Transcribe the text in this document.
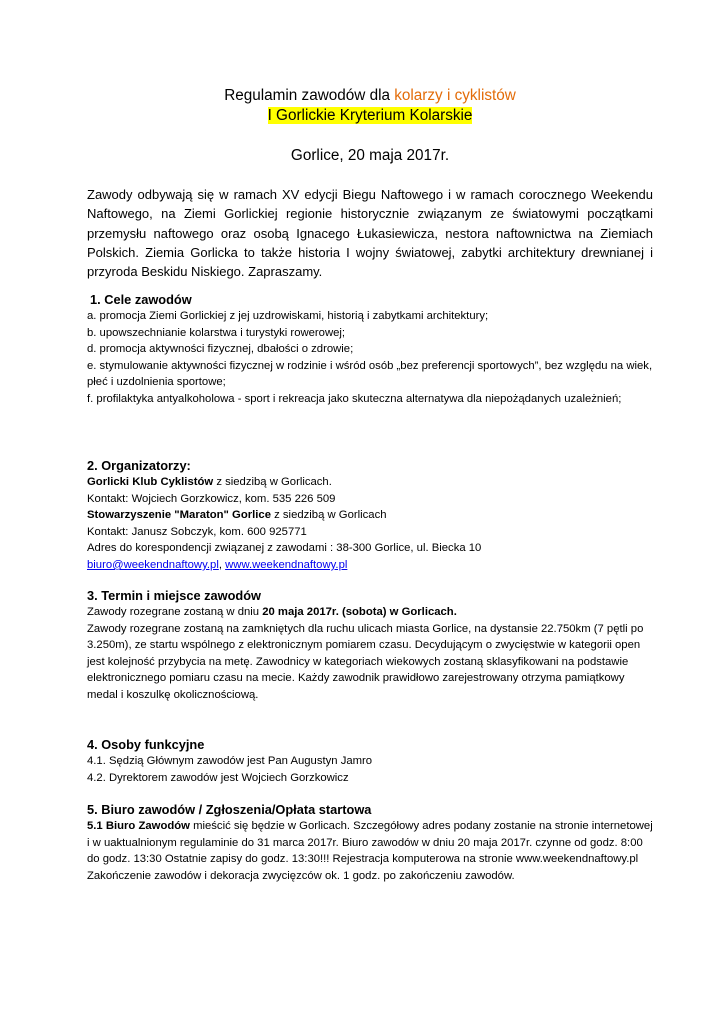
Regulamin zawodów dla kolarzy i cyklistów
I Gorlickie Kryterium Kolarskie
Gorlice, 20 maja 2017r.
Zawody odbywają się w ramach XV edycji Biegu Naftowego i w ramach corocznego Weekendu Naftowego, na Ziemi Gorlickiej regionie historycznie związanym ze światowymi początkami przemysłu naftowego oraz osobą Ignacego Łukasiewicza, nestora naftownictwa na Ziemiach Polskich. Ziemia Gorlicka to także historia I wojny światowej, zabytki architektury drewnianej i przyroda Beskidu Niskiego. Zapraszamy.
1. Cele zawodów

a. promocja Ziemi Gorlickiej z jej uzdrowiskami, historią i zabytkami architektury;

b. upowszechnianie kolarstwa i turystyki rowerowej;

d. promocja aktywności fizycznej, dbałości o zdrowie;

e. stymulowanie aktywności fizycznej w rodzinie i wśród osób „bez preferencji sportowych”, bez względu na wiek, płeć i uzdolnienia sportowe;

f. profilaktyka antyalkoholowa - sport i rekreacja jako skuteczna alternatywa dla niepożądanych uzależnień;

2. Organizatorzy:

Gorlicki Klub Cyklistów z siedzibą w Gorlicach.

Kontakt: Wojciech Gorzkowicz, kom. 535 226 509

Stowarzyszenie "Maraton" Gorlice z siedzibą w Gorlicach

Kontakt: Janusz Sobczyk, kom. 600 925771

Adres do korespondencji związanej z zawodami : 38-300 Gorlice, ul. Biecka 10

biuro@weekendnaftowy.pl, www.weekendnaftowy.pl

3. Termin i miejsce zawodów

Zawody rozegrane zostaną w dniu 20 maja 2017r. (sobota) w Gorlicach.

Zawody rozegrane zostaną na zamkniętych dla ruchu ulicach miasta Gorlice, na dystansie 22.750km (7 pętli po 3.250m), ze startu wspólnego z elektronicznym pomiarem czasu. Decydującym o zwycięstwie w kategorii open jest kolejność przybycia na metę. Zawodnicy w kategoriach wiekowych zostaną sklasyfikowani na podstawie elektronicznego pomiaru czasu na mecie. Każdy zawodnik prawidłowo zarejestrowany otrzyma pamiątkowy medal i koszulkę okolicznościową.

4. Osoby funkcyjne

4.1. Sędzią Głównym zawodów jest Pan Augustyn Jamro

4.2. Dyrektorem zawodów jest Wojciech Gorzkowicz

5. Biuro zawodów / Zgłoszenia/Opłata startowa

5.1 Biuro Zawodów mieścić się będzie w Gorlicach. Szczegółowy adres podany zostanie na stronie internetowej i w uaktualnionym regulaminie do 31 marca 2017r. Biuro zawodów w dniu 20 maja 2017r. czynne od godz. 8:00 do godz. 13:30 Ostatnie zapisy do godz. 13:30!!! Rejestracja komputerowa na stronie www.weekendnaftowy.pl

Zakończenie zawodów i dekoracja zwycięzców ok. 1 godz. po zakończeniu zawodów.
